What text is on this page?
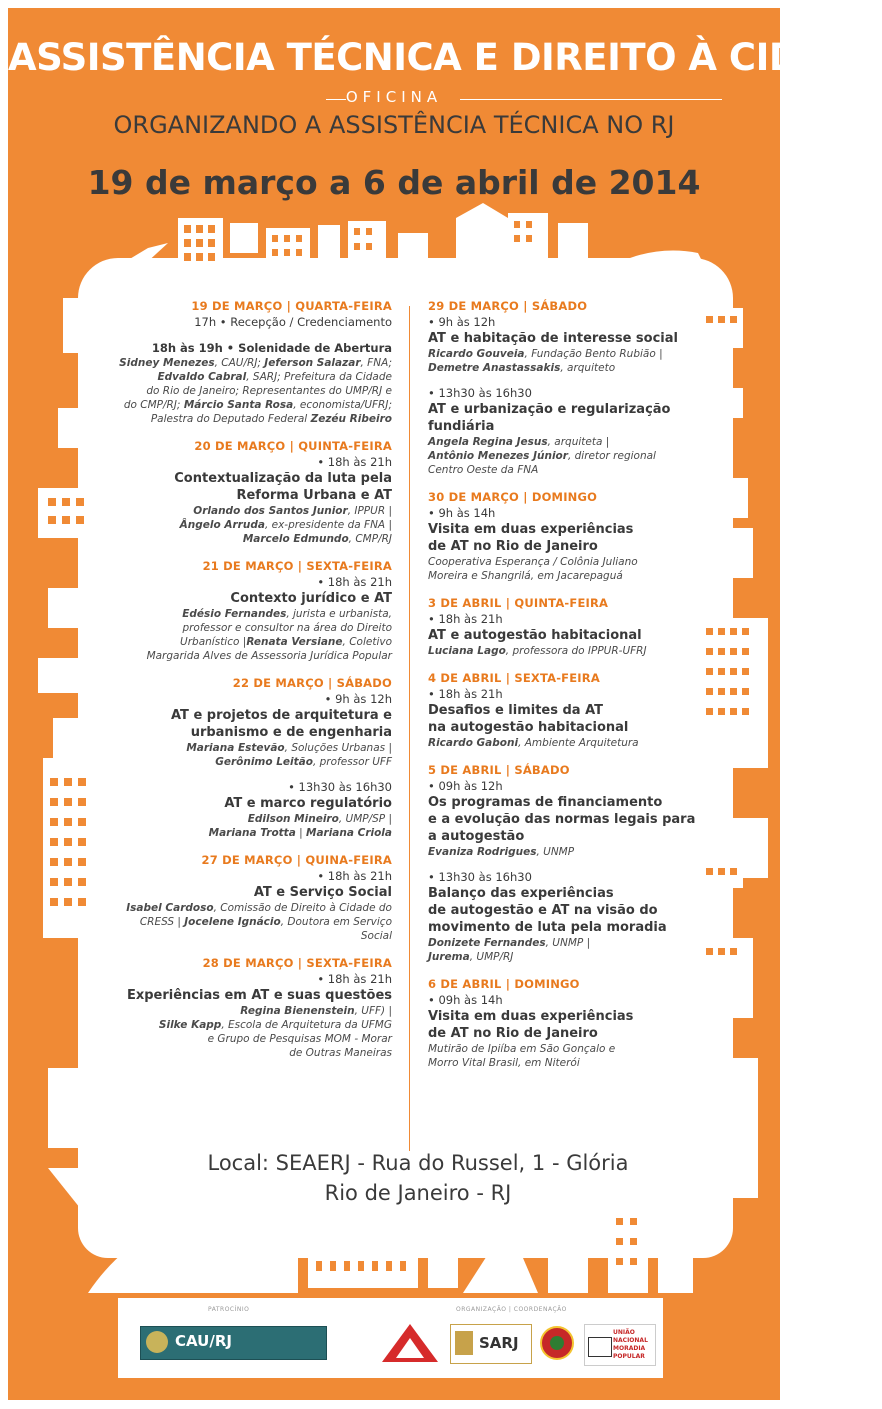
ASSISTÊNCIA TÉCNICA E DIREITO À CIDADE
OFICINA
ORGANIZANDO A ASSISTÊNCIA TÉCNICA NO RJ
19 de março a 6 de abril de 2014
19 DE MARÇO | QUARTA-FEIRA
17h • Recepção / Credenciamento
18h às 19h • Solenidade de Abertura
Sidney Menezes, CAU/RJ; Jeferson Salazar, FNA;
Edvaldo Cabral, SARJ; Prefeitura da Cidade
do Rio de Janeiro; Representantes do UMP/RJ e
do CMP/RJ; Márcio Santa Rosa, economista/UFRJ;
Palestra do Deputado Federal Zezéu Ribeiro
20 DE MARÇO | QUINTA-FEIRA
• 18h às 21h
Contextualização da luta pela
Reforma Urbana e AT
Orlando dos Santos Junior, IPPUR |
Ângelo Arruda, ex-presidente da FNA |
Marcelo Edmundo, CMP/RJ
21 DE MARÇO | SEXTA-FEIRA
• 18h às 21h
Contexto jurídico e AT
Edésio Fernandes, jurista e urbanista,
professor e consultor na área do Direito
Urbanístico |Renata Versiane, Coletivo
Margarida Alves de Assessoria Jurídica Popular
22 DE MARÇO | SÁBADO
• 9h às 12h
AT e projetos de arquitetura e
urbanismo e de engenharia
Mariana Estevão, Soluções Urbanas |
Gerônimo Leitão, professor UFF
• 13h30 às 16h30
AT e marco regulatório
Edilson Mineiro, UMP/SP |
Mariana Trotta | Mariana Criola
27 DE MARÇO | QUINA-FEIRA
• 18h às 21h
AT e Serviço Social
Isabel Cardoso, Comissão de Direito à Cidade do
CRESS | Jocelene Ignácio, Doutora em Serviço Social
28 DE MARÇO | SEXTA-FEIRA
• 18h às 21h
Experiências em AT e suas questões
Regina Bienenstein, UFF) |
Silke Kapp, Escola de Arquitetura da UFMG
e Grupo de Pesquisas MOM - Morar
de Outras Maneiras
29 DE MARÇO | SÁBADO
• 9h às 12h
AT e habitação de interesse social
Ricardo Gouveia, Fundação Bento Rubião |
Demetre Anastassakis, arquiteto
• 13h30 às 16h30
AT e urbanização e regularização fundiária
Angela Regina Jesus, arquiteta |
Antônio Menezes Júnior, diretor regional
Centro Oeste da FNA
30 DE MARÇO | DOMINGO
• 9h às 14h
Visita em duas experiências
de AT no Rio de Janeiro
Cooperativa Esperança / Colônia Juliano
Moreira e Shangrilá, em Jacarepaguá
3 DE ABRIL | QUINTA-FEIRA
• 18h às 21h
AT e autogestão habitacional
Luciana Lago, professora do IPPUR-UFRJ
4 DE ABRIL | SEXTA-FEIRA
• 18h às 21h
Desafios e limites da AT
na autogestão habitacional
Ricardo Gaboni, Ambiente Arquitetura
5 DE ABRIL | SÁBADO
• 09h às 12h
Os programas de financiamento
e a evolução das normas legais para
a autogestão
Evaniza Rodrigues, UNMP
• 13h30 às 16h30
Balanço das experiências
de autogestão e AT na visão do
movimento de luta pela moradia
Donizete Fernandes, UNMP |
Jurema, UMP/RJ
6 DE ABRIL | DOMINGO
• 09h às 14h
Visita em duas experiências
de AT no Rio de Janeiro
Mutirão de Ipiíba em São Gonçalo e
Morro Vital Brasil, em Niterói
Local: SEAERJ - Rua do Russel, 1 - Glória
Rio de Janeiro - RJ
PATROCÍNIO	ORGANIZAÇÃO | COORDENAÇÃO
CAU/RJ	SARJ
UNIÃO NACIONAL MORADIA POPULAR
